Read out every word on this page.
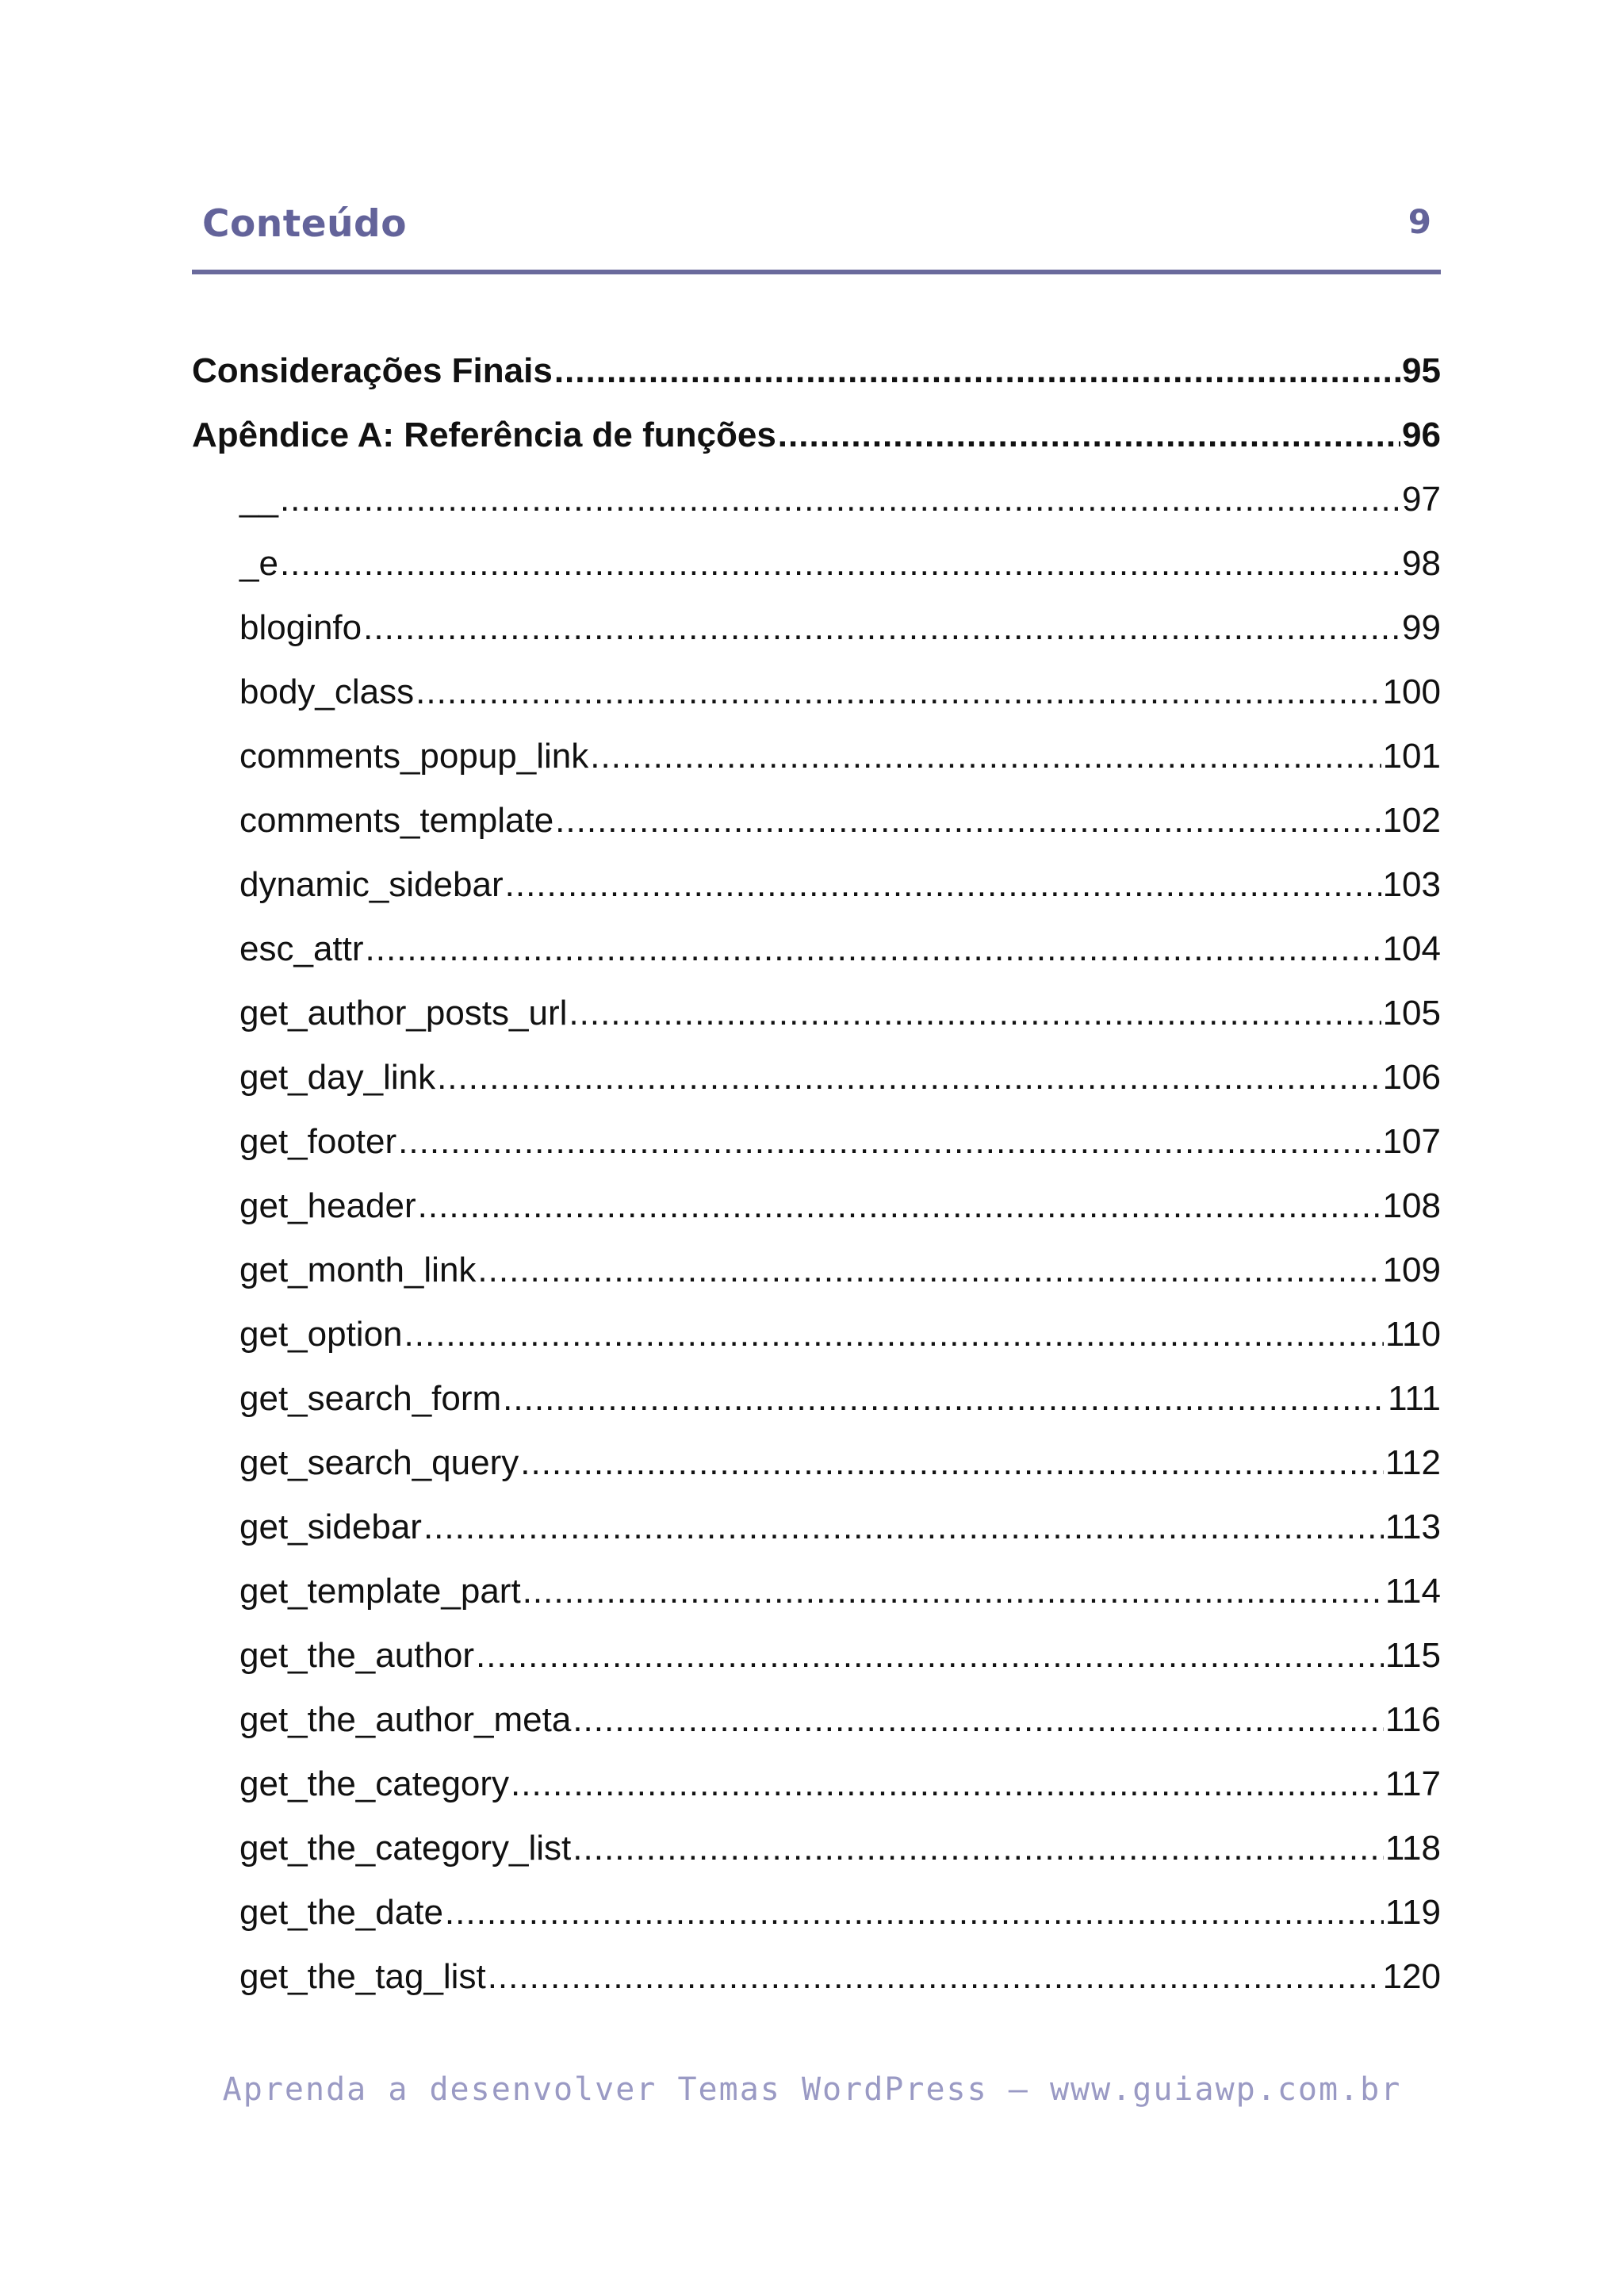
Conteúdo	9
Considerações Finais .....	95
Apêndice A: Referência de funções .....	96
__ .....	97
_e .....	98
bloginfo .....	99
body_class .....	100
comments_popup_link .....	101
comments_template .....	102
dynamic_sidebar .....	103
esc_attr .....	104
get_author_posts_url .....	105
get_day_link .....	106
get_footer .....	107
get_header .....	108
get_month_link .....	109
get_option .....	110
get_search_form .....	111
get_search_query .....	112
get_sidebar .....	113
get_template_part .....	114
get_the_author .....	115
get_the_author_meta .....	116
get_the_category .....	117
get_the_category_list .....	118
get_the_date .....	119
get_the_tag_list .....	120
Aprenda a desenvolver Temas WordPress – www.guiawp.com.br
